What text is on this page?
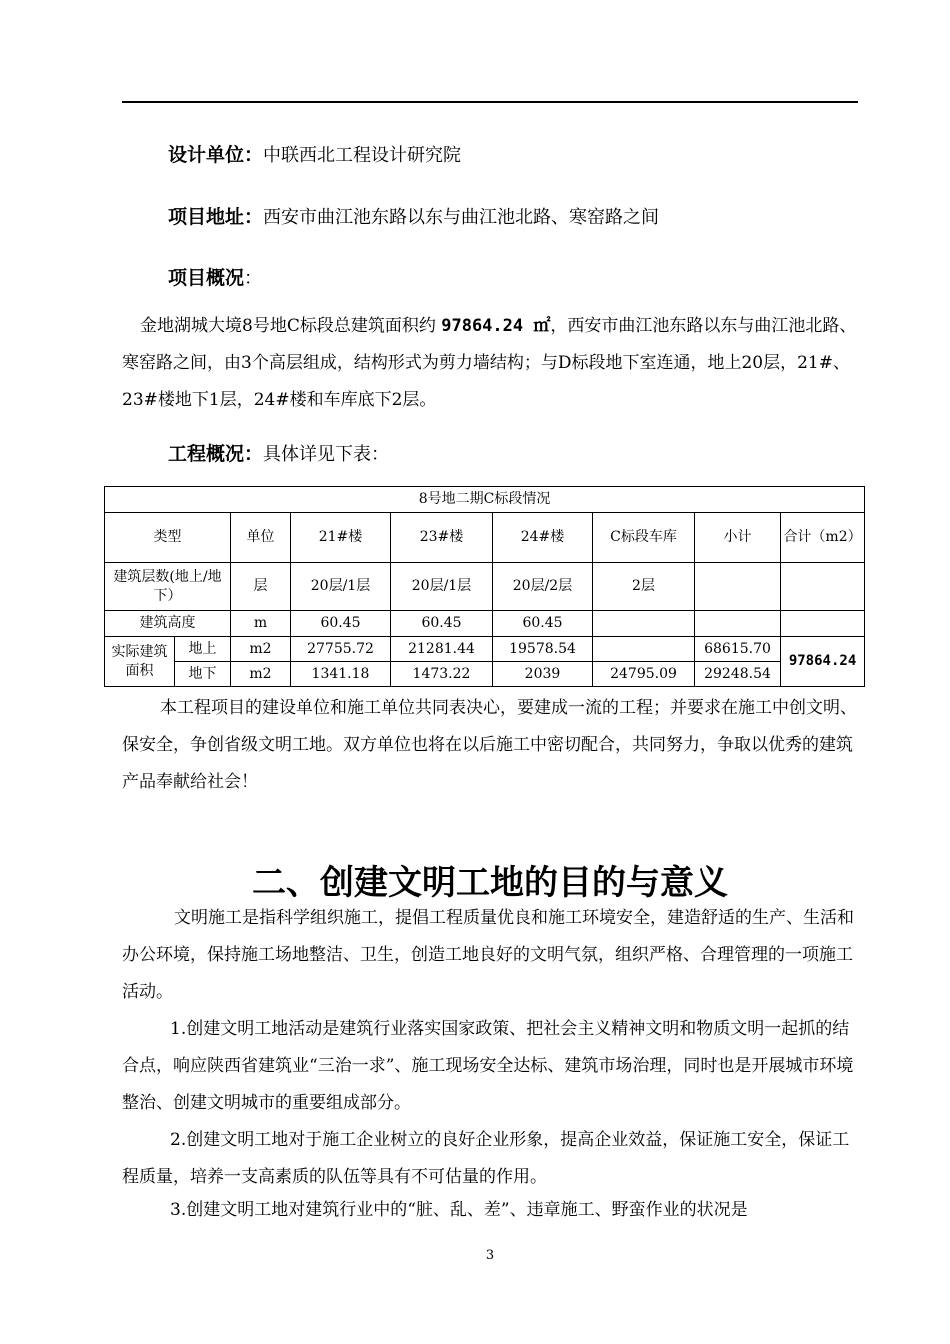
设计单位：中联西北工程设计研究院
项目地址：西安市曲江池东路以东与曲江池北路、寒窑路之间
项目概况：
金地湖城大境8号地C标段总建筑面积约 97864.24 ㎡，西安市曲江池东路以东与曲江池北路、寒窑路之间，由3个高层组成，结构形式为剪力墙结构；与D标段地下室连通，地上20层，21#、23#楼地下1层，24#楼和车库底下2层。
工程概况：具体详见下表：
8号地二期C标段情况								
类型		单位	21#楼	23#楼	24#楼	C标段车库	小计	合计（m2）
建筑层数(地上/地下）		层	20层/1层	20层/1层	20层/2层	2层		
建筑高度		m	60.45	60.45	60.45			
实际建筑面积	地上	m2	27755.72	21281.44	19578.54		68615.70	97864.24
	地下	m2	1341.18	1473.22	2039	24795.09	29248.54	
本工程项目的建设单位和施工单位共同表决心，要建成一流的工程；并要求在施工中创文明、保安全，争创省级文明工地。双方单位也将在以后施工中密切配合，共同努力，争取以优秀的建筑产品奉献给社会！
二、创建文明工地的目的与意义
文明施工是指科学组织施工，提倡工程质量优良和施工环境安全，建造舒适的生产、生活和办公环境，保持施工场地整洁、卫生，创造工地良好的文明气氛，组织严格、合理管理的一项施工活动。
1.创建文明工地活动是建筑行业落实国家政策、把社会主义精神文明和物质文明一起抓的结合点，响应陕西省建筑业“三治一求”、施工现场安全达标、建筑市场治理，同时也是开展城市环境整治、创建文明城市的重要组成部分。
2.创建文明工地对于施工企业树立的良好企业形象，提高企业效益，保证施工安全，保证工程质量，培养一支高素质的队伍等具有不可估量的作用。
3.创建文明工地对建筑行业中的“脏、乱、差”、违章施工、野蛮作业的状况是
3
